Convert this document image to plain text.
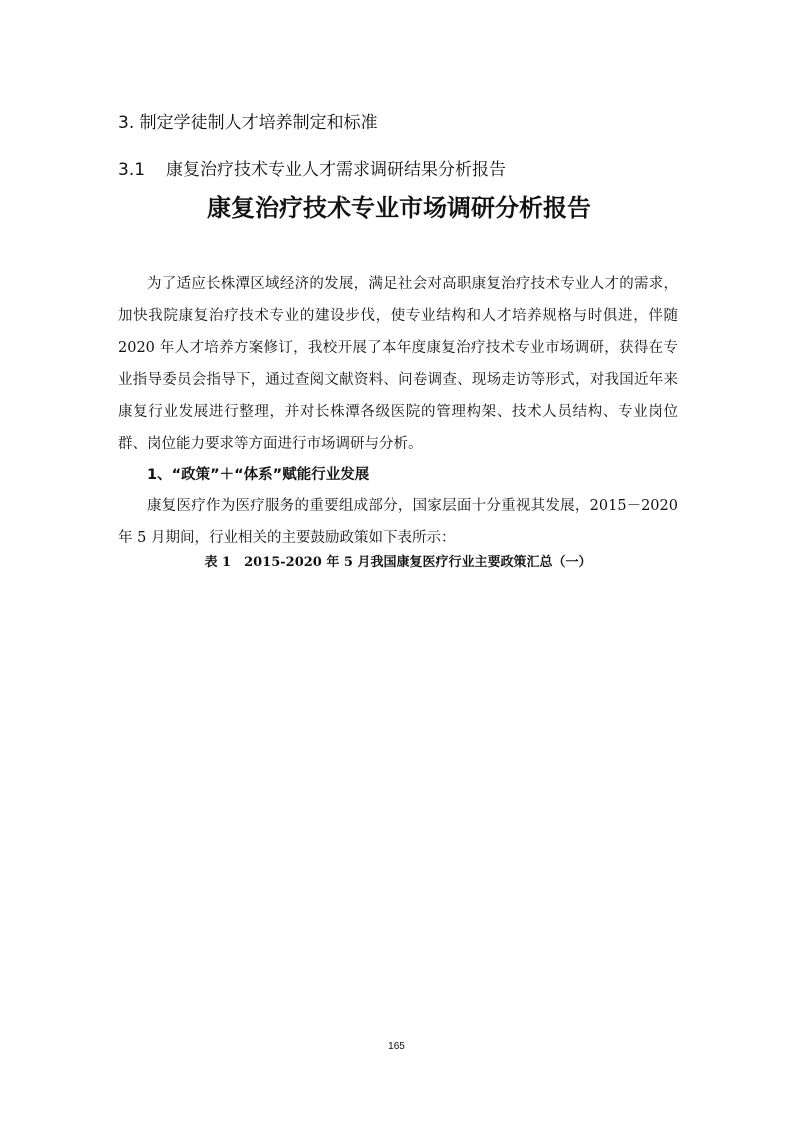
3. 制定学徒制人才培养制定和标准
3.1 康复治疗技术专业人才需求调研结果分析报告
康复治疗技术专业市场调研分析报告
为了适应长株潭区域经济的发展，满足社会对高职康复治疗技术专业人才的需求，加快我院康复治疗技术专业的建设步伐，使专业结构和人才培养规格与时俱进，伴随 2020 年人才培养方案修订，我校开展了本年度康复治疗技术专业市场调研，获得在专业指导委员会指导下，通过查阅文献资料、问卷调查、现场走访等形式，对我国近年来康复行业发展进行整理，并对长株潭各级医院的管理构架、技术人员结构、专业岗位群、岗位能力要求等方面进行市场调研与分析。
1、“政策”＋“体系”赋能行业发展
康复医疗作为医疗服务的重要组成部分，国家层面十分重视其发展，2015－2020 年 5 月期间，行业相关的主要鼓励政策如下表所示：
表 1　2015-2020 年 5 月我国康复医疗行业主要政策汇总（一）
165
